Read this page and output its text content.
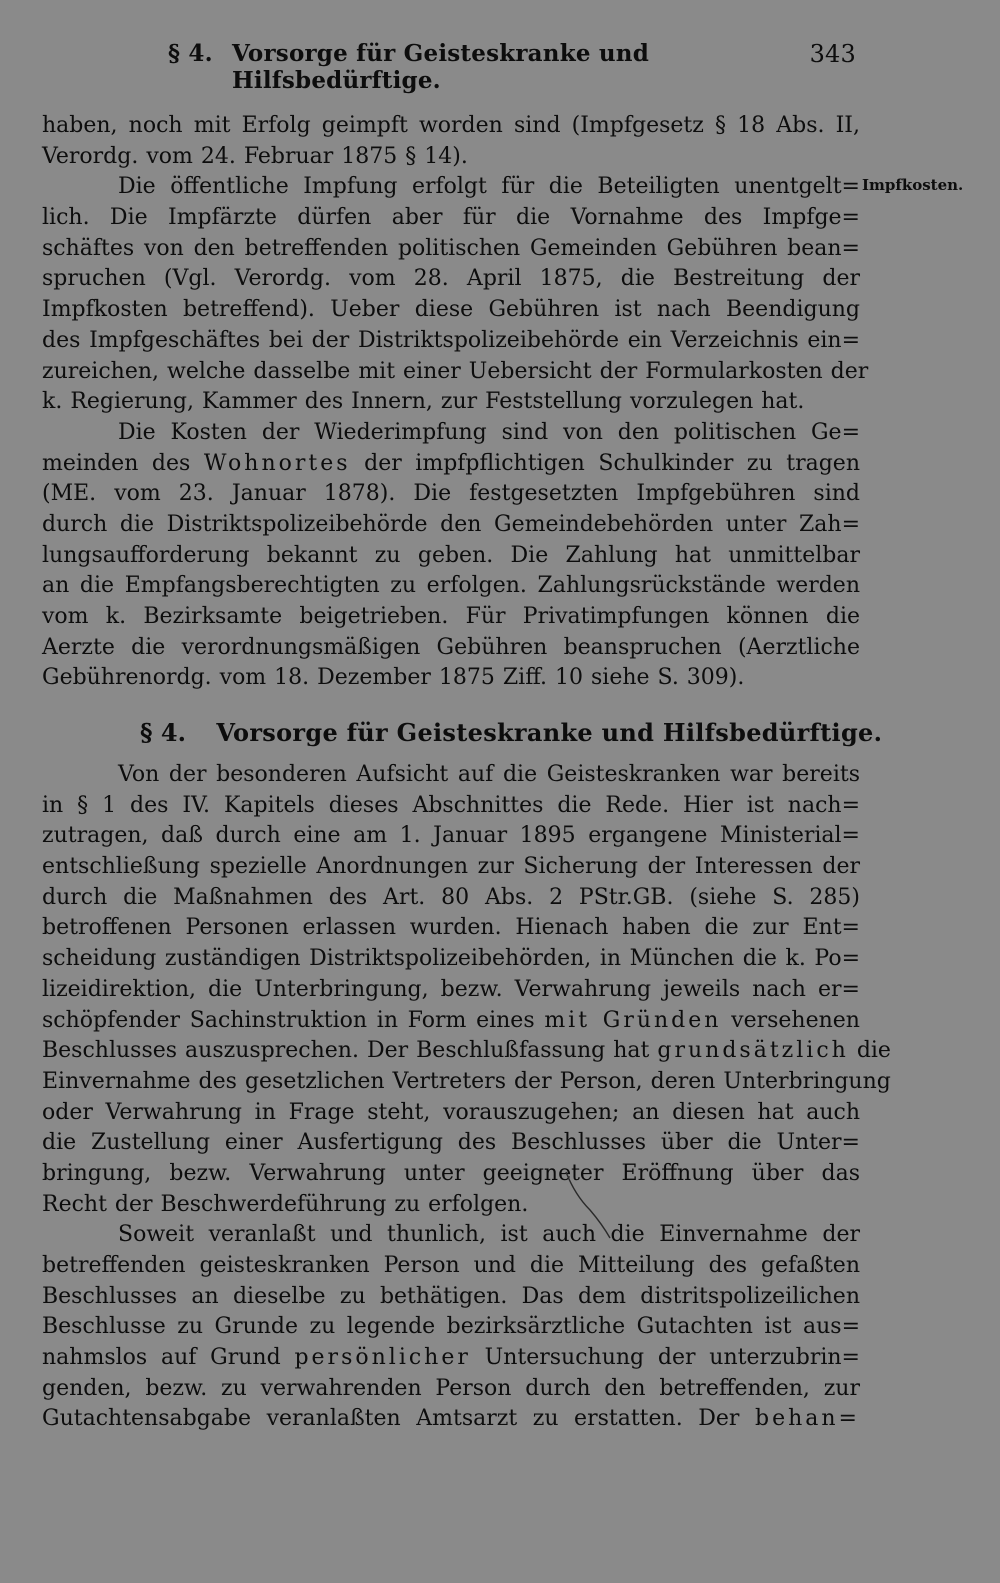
§ 4. Vorsorge für Geisteskranke und Hilfsbedürftige.
343
Impfkosten.
haben, noch mit Erfolg geimpft worden sind (Impfgesetz § 18 Abs. II,
Verordg. vom 24. Februar 1875 § 14).
Die öffentliche Impfung erfolgt für die Beteiligten unentgelt=
lich. Die Impfärzte dürfen aber für die Vornahme des Impfge=
schäftes von den betreffenden politischen Gemeinden Gebühren bean=
spruchen (Vgl. Verordg. vom 28. April 1875, die Bestreitung der
Impfkosten betreffend). Ueber diese Gebühren ist nach Beendigung
des Impfgeschäftes bei der Distriktspolizeibehörde ein Verzeichnis ein=
zureichen, welche dasselbe mit einer Uebersicht der Formularkosten der
k. Regierung, Kammer des Innern, zur Feststellung vorzulegen hat.
Die Kosten der Wiederimpfung sind von den politischen Ge=
meinden des Wohnortes der impfpflichtigen Schulkinder zu tragen
(ME. vom 23. Januar 1878). Die festgesetzten Impfgebühren sind
durch die Distriktspolizeibehörde den Gemeindebehörden unter Zah=
lungsaufforderung bekannt zu geben. Die Zahlung hat unmittelbar
an die Empfangsberechtigten zu erfolgen. Zahlungsrückstände werden
vom k. Bezirksamte beigetrieben. Für Privatimpfungen können die
Aerzte die verordnungsmäßigen Gebühren beanspruchen (Aerztliche
Gebührenordg. vom 18. Dezember 1875 Ziff. 10 siehe S. 309).
§ 4. Vorsorge für Geisteskranke und Hilfsbedürftige.
Von der besonderen Aufsicht auf die Geisteskranken war bereits
in § 1 des IV. Kapitels dieses Abschnittes die Rede. Hier ist nach=
zutragen, daß durch eine am 1. Januar 1895 ergangene Ministerial=
entschließung spezielle Anordnungen zur Sicherung der Interessen der
durch die Maßnahmen des Art. 80 Abs. 2 PStr.GB. (siehe S. 285)
betroffenen Personen erlassen wurden. Hienach haben die zur Ent=
scheidung zuständigen Distriktspolizeibehörden, in München die k. Po=
lizeidirektion, die Unterbringung, bezw. Verwahrung jeweils nach er=
schöpfender Sachinstruktion in Form eines mit Gründen versehenen
Beschlusses auszusprechen. Der Beschlußfassung hat grundsätzlich die
Einvernahme des gesetzlichen Vertreters der Person, deren Unterbringung
oder Verwahrung in Frage steht, vorauszugehen; an diesen hat auch
die Zustellung einer Ausfertigung des Beschlusses über die Unter=
bringung, bezw. Verwahrung unter geeigneter Eröffnung über das
Recht der Beschwerdeführung zu erfolgen.
Soweit veranlaßt und thunlich, ist auch die Einvernahme der
betreffenden geisteskranken Person und die Mitteilung des gefaßten
Beschlusses an dieselbe zu bethätigen. Das dem distritspolizeilichen
Beschlusse zu Grunde zu legende bezirksärztliche Gutachten ist aus=
nahmslos auf Grund persönlicher Untersuchung der unterzubrin=
genden, bezw. zu verwahrenden Person durch den betreffenden, zur
Gutachtensabgabe veranlaßten Amtsarzt zu erstatten. Der behan=
